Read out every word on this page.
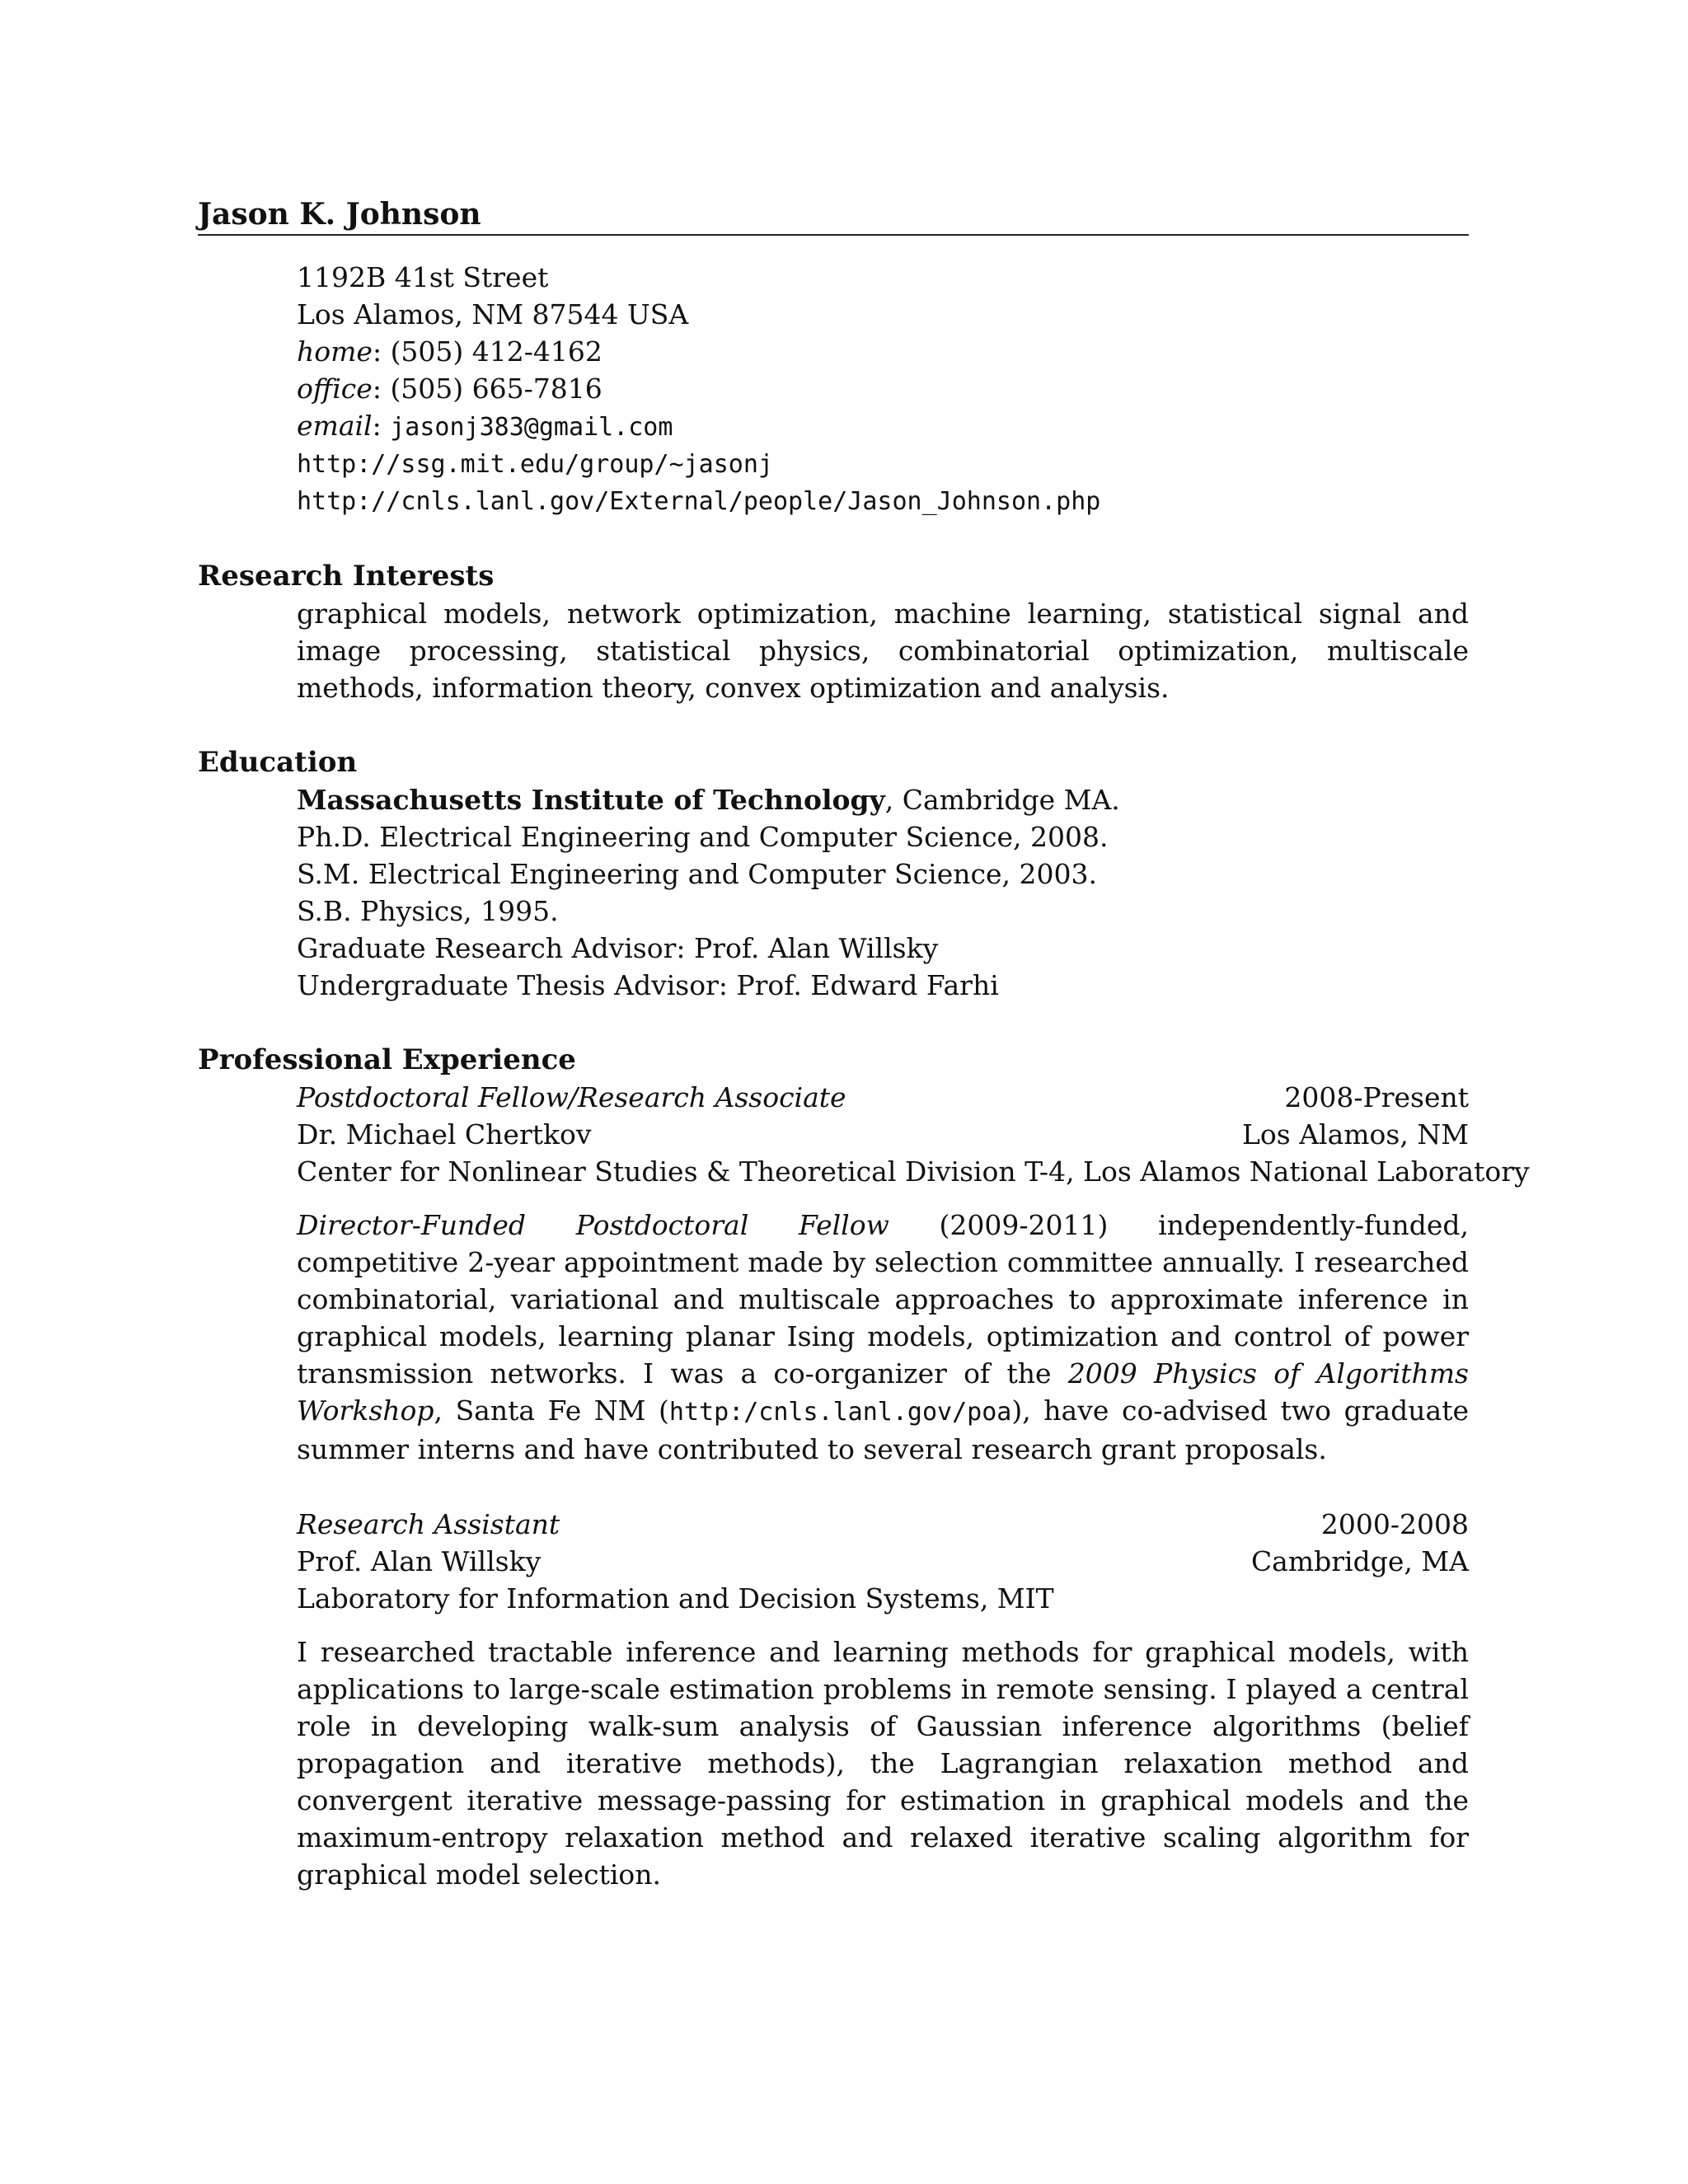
Jason K. Johnson
1192B 41st Street
Los Alamos, NM 87544 USA
home: (505) 412-4162
office: (505) 665-7816
email: jasonj383@gmail.com
http://ssg.mit.edu/group/∼jasonj
http://cnls.lanl.gov/External/people/Jason_Johnson.php
Research Interests
graphical models, network optimization, machine learning, statistical signal and image processing, statistical physics, combinatorial optimization, multiscale methods, information theory, convex optimization and analysis.
Education
Massachusetts Institute of Technology, Cambridge MA.
Ph.D. Electrical Engineering and Computer Science, 2008.
S.M. Electrical Engineering and Computer Science, 2003.
S.B. Physics, 1995.
Graduate Research Advisor: Prof. Alan Willsky
Undergraduate Thesis Advisor: Prof. Edward Farhi
Professional Experience
Postdoctoral Fellow/Research Associate	2008-Present
Dr. Michael Chertkov	Los Alamos, NM
Center for Nonlinear Studies & Theoretical Division T-4, Los Alamos National Laboratory
Director-Funded Postdoctoral Fellow (2009-2011) independently-funded, competitive 2-year appointment made by selection committee annually. I researched combinatorial, variational and multiscale approaches to approximate inference in graphical models, learning planar Ising models, optimization and control of power transmission networks. I was a co-organizer of the 2009 Physics of Algorithms Workshop, Santa Fe NM (http:/cnls.lanl.gov/poa), have co-advised two graduate summer interns and have contributed to several research grant proposals.
Research Assistant	2000-2008
Prof. Alan Willsky	Cambridge, MA
Laboratory for Information and Decision Systems, MIT
I researched tractable inference and learning methods for graphical models, with applications to large-scale estimation problems in remote sensing. I played a central role in developing walk-sum analysis of Gaussian inference algorithms (belief propagation and iterative methods), the Lagrangian relaxation method and convergent iterative message-passing for estimation in graphical models and the maximum-entropy relaxation method and relaxed iterative scaling algorithm for graphical model selection.
